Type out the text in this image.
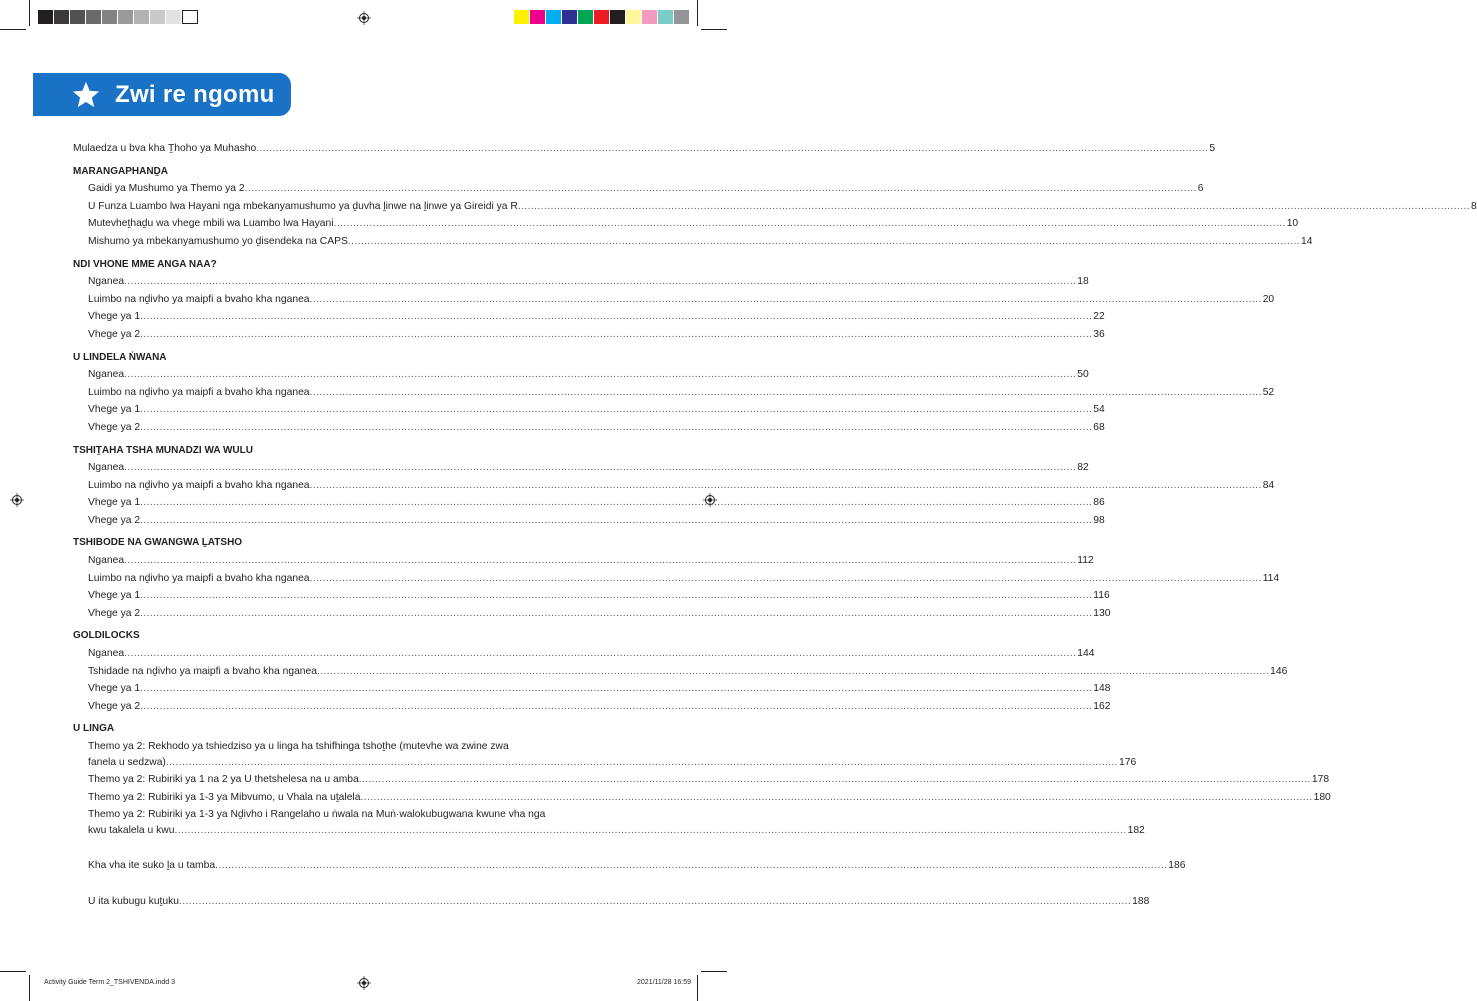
Zwi re ngomu
Mulaedza u bva kha Ṱhoho ya Muhasho .....	5
MARANGAPHANḒA
Gaidi ya Mushumo ya Themo ya 2 .....	6
U Funza Luambo lwa Hayani nga mbekanyamushumo ya ḓuvha ḽinwe na ḽinwe ya Gireidi ya R .....	8
Mutevheṱhaḓu wa vhege mbili wa Luambo lwa Hayani .....	10
Mishumo ya mbekanyamushumo yo ḓisendeka na CAPS .....	14
NDI VHONE MME ANGA NAA?
Nganea .....	18
Luimbo na nḓivho ya maipfi a bvaho kha nganea .....	20
Vhege ya 1 .....	22
Vhege ya 2 .....	36
U LINDELA ṄWANA
Nganea .....	50
Luimbo na nḓivho ya maipfi a bvaho kha nganea .....	52
Vhege ya 1 .....	54
Vhege ya 2 .....	68
TSHIṰAHA TSHA MUNADZI WA WULU
Nganea .....	82
Luimbo na nḓivho ya maipfi a bvaho kha nganea .....	84
Vhege ya 1 .....	86
Vhege ya 2 .....	98
TSHIBODE NA GWANGWA ḼATSHO
Nganea .....	112
Luimbo na nḓivho ya maipfi a bvaho kha nganea .....	114
Vhege ya 1 .....	116
Vhege ya 2 .....	130
GOLDILOCKS
Nganea .....	144
Tshidade na nḓivho ya maipfi a bvaho kha nganea .....	146
Vhege ya 1 .....	148
Vhege ya 2 .....	162
U LINGA
Themo ya 2: Rekhodo ya tshiedziso ya u linga ha tshifhinga tshoṱhe (mutevhe wa zwine zwa
fanela u sedzwa) .....	176
Themo ya 2: Rubiriki ya 1 na 2 ya U thetshelesa na u amba .....	178
Themo ya 2: Rubiriki ya 1-3 ya Mibvumo, u Vhala na uṱalela .....	180
Themo ya 2: Rubiriki ya 1-3 ya Nḓivho i Rangelaho u ṅwala na Muṅ·walokubugwana kwune vha nga
kwu takalela u kwu .....	182
Kha vha ite suko ḽa u tamba .....	186
U ita kubugu kuṱuku .....	188
Activity Guide Term 2_TSHIVENDA.indd 3	2021/11/28 16:59
